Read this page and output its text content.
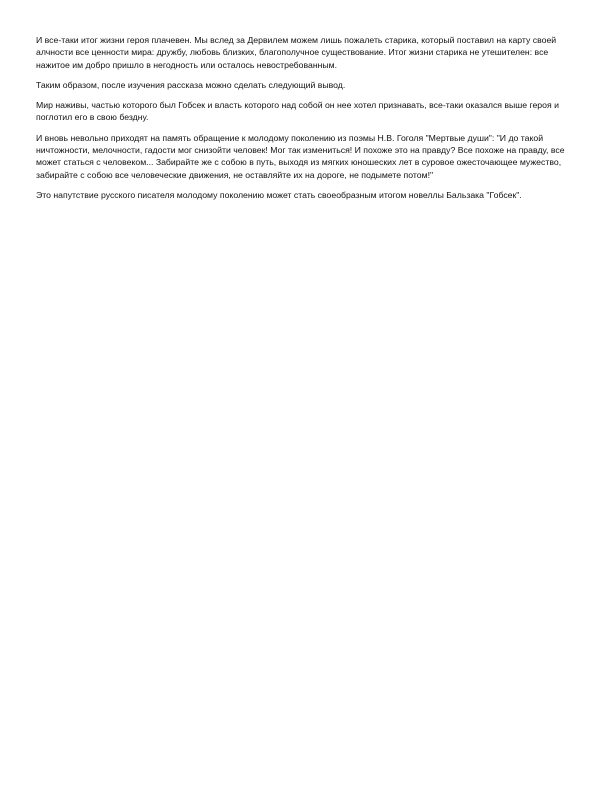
И все-таки итог жизни героя плачевен. Мы вслед за Дервилем можем лишь пожалеть старика, который поставил на карту своей алчности все ценности мира: дружбу, любовь близких, благополучное существование. Итог жизни старика не утешителен: все нажитое им добро пришло в негодность или осталось невостребованным.

Таким образом, после изучения рассказа можно сделать следующий вывод.

Мир наживы, частью которого был Гобсек и власть которого над собой он нее хотел признавать, все-таки оказался выше героя и поглотил его в свою бездну.

И вновь невольно приходят на память обращение к молодому поколению из поэмы Н.В. Гоголя "Мертвые души": "И до такой ничтожности, мелочности, гадости мог снизойти человек! Мог так измениться! И похоже это на правду? Все похоже на правду, все может статься с человеком... Забирайте же с собою в путь, выходя из мягких юношеских лет в суровое ожесточающее мужество, забирайте с собою все человеческие движения, не оставляйте их на дороге, не подымете потом!"

Это напутствие русского писателя молодому поколению может стать своеобразным итогом новеллы Бальзака "Гобсек".
